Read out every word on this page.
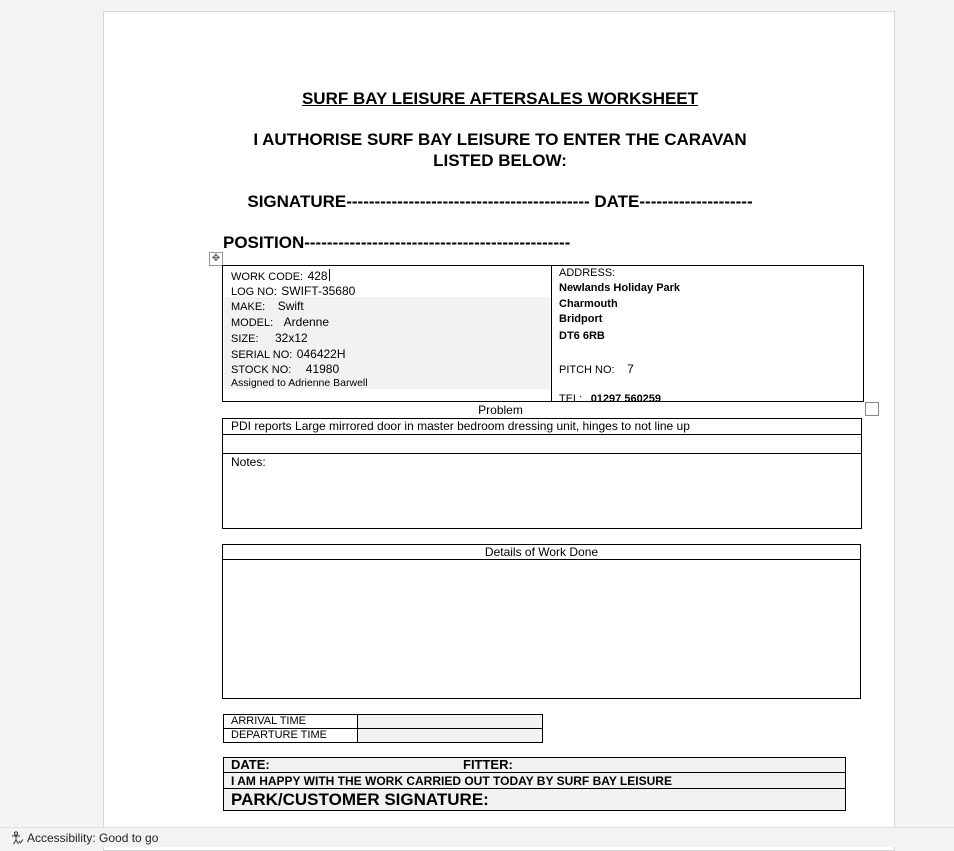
SURF BAY LEISURE AFTERSALES WORKSHEET
I AUTHORISE SURF BAY LEISURE TO ENTER THE CARAVAN
LISTED BELOW:
SIGNATURE------------------------------------------- DATE--------------------
POSITION-----------------------------------------------
✥
WORK CODE: 428
LOG NO: SWIFT-35680
MAKE: Swift
MODEL: Ardenne
SIZE: 32x12
SERIAL NO: 046422H
STOCK NO: 41980
Assigned to Adrienne Barwell
ADDRESS:
Newlands Holiday Park
Charmouth
Bridport
DT6 6RB
PITCH NO: 7
TEL: 01297 560259
Problem
PDI reports Large mirrored door in master bedroom dressing unit, hinges to not line up
Notes:
Details of Work Done
ARRIVAL TIME
DEPARTURE TIME
DATE:	FITTER:
I AM HAPPY WITH THE WORK CARRIED OUT TODAY BY SURF BAY LEISURE
PARK/CUSTOMER SIGNATURE:
Accessibility: Good to go
